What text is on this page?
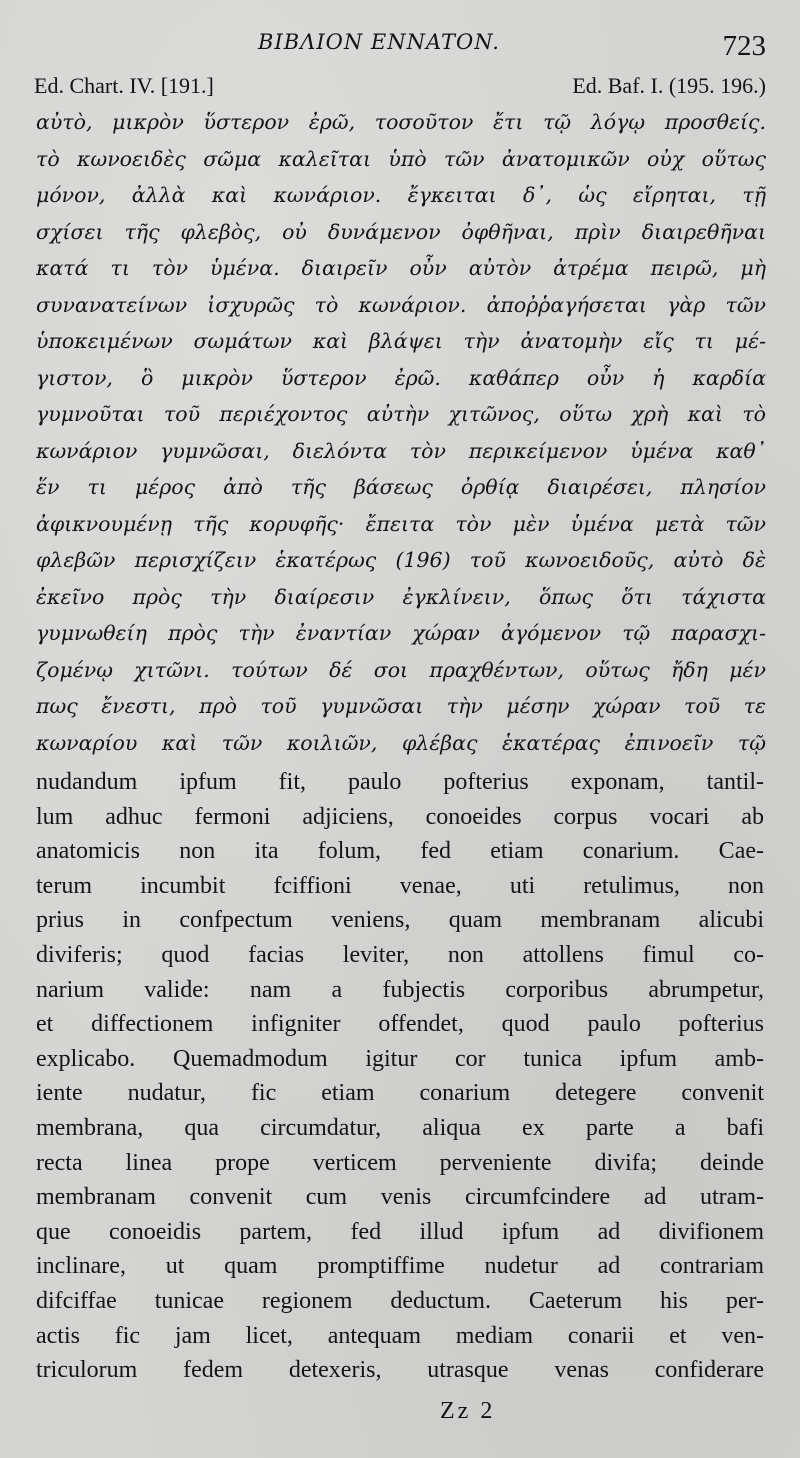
BIBΛION ENNATON.	723
Ed. Chart. IV. [191.]	Ed. Baf. I. (195. 196.)
αὐτὸ, μικρὸν ὕστερον ἐρῶ, τοσοῦτον ἔτι τῷ λόγῳ προσθείς.
τὸ κωνοειδὲς σῶμα καλεῖται ὑπὸ τῶν ἀνατομικῶν οὐχ οὕτως
μόνον, ἀλλὰ καὶ κωνάριον. ἔγκειται δ᾽, ὡς εἴρηται, τῇ
σχίσει τῆς φλεβὸς, οὐ δυνάμενον ὀφθῆναι, πρὶν διαιρεθῆναι
κατά τι τὸν ὑμένα. διαιρεῖν οὖν αὐτὸν ἀτρέμα πειρῶ, μὴ
συνανατείνων ἰσχυρῶς τὸ κωνάριον. ἀποῤῥαγήσεται γὰρ τῶν
ὑποκειμένων σωμάτων καὶ βλάψει τὴν ἀνατομὴν εἴς τι μέ-
γιστον, ὃ μικρὸν ὕστερον ἐρῶ. καθάπερ οὖν ἡ καρδία
γυμνοῦται τοῦ περιέχοντος αὐτὴν χιτῶνος, οὕτω χρὴ καὶ τὸ
κωνάριον γυμνῶσαι, διελόντα τὸν περικείμενον ὑμένα καθ᾽
ἕν τι μέρος ἀπὸ τῆς βάσεως ὀρθίᾳ διαιρέσει, πλησίον
ἀφικνουμένῃ τῆς κορυφῆς· ἔπειτα τὸν μὲν ὑμένα μετὰ τῶν
φλεβῶν περισχίζειν ἑκατέρως (196) τοῦ κωνοειδοῦς, αὐτὸ δὲ
ἐκεῖνο πρὸς τὴν διαίρεσιν ἐγκλίνειν, ὅπως ὅτι τάχιστα
γυμνωθείη πρὸς τὴν ἐναντίαν χώραν ἀγόμενον τῷ παρασχι-
ζομένῳ χιτῶνι. τούτων δέ σοι πραχθέντων, οὕτως ἤδη μέν
πως ἔνεστι, πρὸ τοῦ γυμνῶσαι τὴν μέσην χώραν τοῦ τε
κωναρίου καὶ τῶν κοιλιῶν, φλέβας ἑκατέρας ἐπινοεῖν τῷ
nudandum ipfum fit, paulo pofterius exponam, tantil-
lum adhuc fermoni adjiciens, conoeides corpus vocari ab
anatomicis non ita folum, fed etiam conarium. Cae-
terum incumbit fciffioni venae, uti retulimus, non
prius in confpectum veniens, quam membranam alicubi
diviferis; quod facias leviter, non attollens fimul co-
narium valide: nam a fubjectis corporibus abrumpetur,
et diffectionem infigniter offendet, quod paulo pofterius
explicabo. Quemadmodum igitur cor tunica ipfum amb-
iente nudatur, fic etiam conarium detegere convenit
membrana, qua circumdatur, aliqua ex parte a bafi
recta linea prope verticem perveniente divifa; deinde
membranam convenit cum venis circumfcindere ad utram-
que conoeidis partem, fed illud ipfum ad divifionem
inclinare, ut quam promptiffime nudetur ad contrariam
difciffae tunicae regionem deductum. Caeterum his per-
actis fic jam licet, antequam mediam conarii et ven-
triculorum fedem detexeris, utrasque venas confiderare
Zz 2
